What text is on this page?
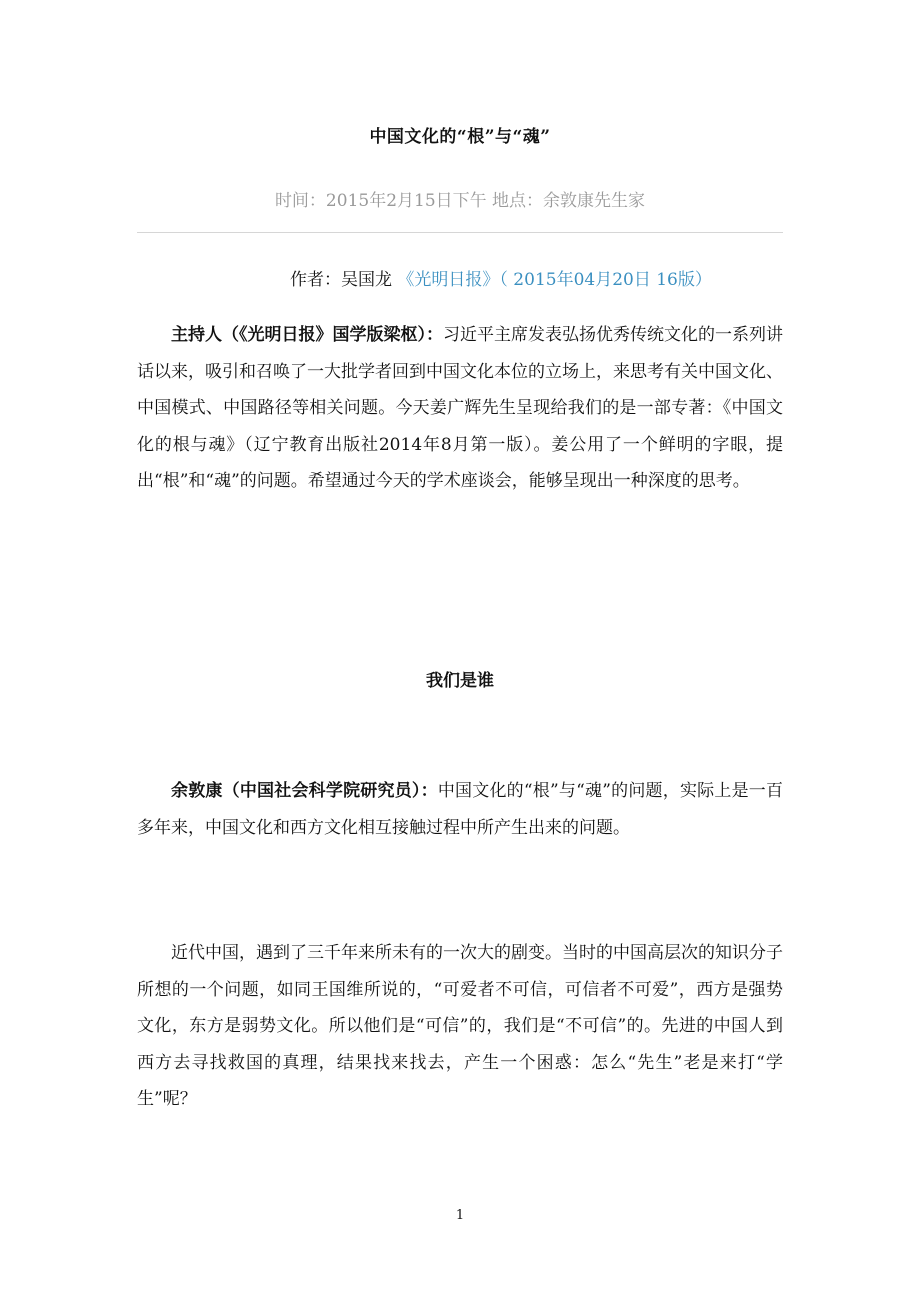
中国文化的“根”与“魂”
时间：2015年2月15日下午 地点：余敦康先生家
作者：吴国龙 《光明日报》（ 2015年04月20日 16版）

主持人（《光明日报》国学版梁枢）：习近平主席发表弘扬优秀传统文化的一系列讲话以来，吸引和召唤了一大批学者回到中国文化本位的立场上，来思考有关中国文化、中国模式、中国路径等相关问题。今天姜广辉先生呈现给我们的是一部专著：《中国文化的根与魂》（辽宁教育出版社2014年8月第一版）。姜公用了一个鲜明的字眼，提出“根”和“魂”的问题。希望通过今天的学术座谈会，能够呈现出一种深度的思考。

我们是谁

余敦康（中国社会科学院研究员）：中国文化的“根”与“魂”的问题，实际上是一百多年来，中国文化和西方文化相互接触过程中所产生出来的问题。

近代中国，遇到了三千年来所未有的一次大的剧变。当时的中国高层次的知识分子所想的一个问题，如同王国维所说的，“可爱者不可信，可信者不可爱”，西方是强势文化，东方是弱势文化。所以他们是“可信”的，我们是“不可信”的。先进的中国人到西方去寻找救国的真理，结果找来找去，产生一个困惑：怎么“先生”老是来打“学生”呢？

1
